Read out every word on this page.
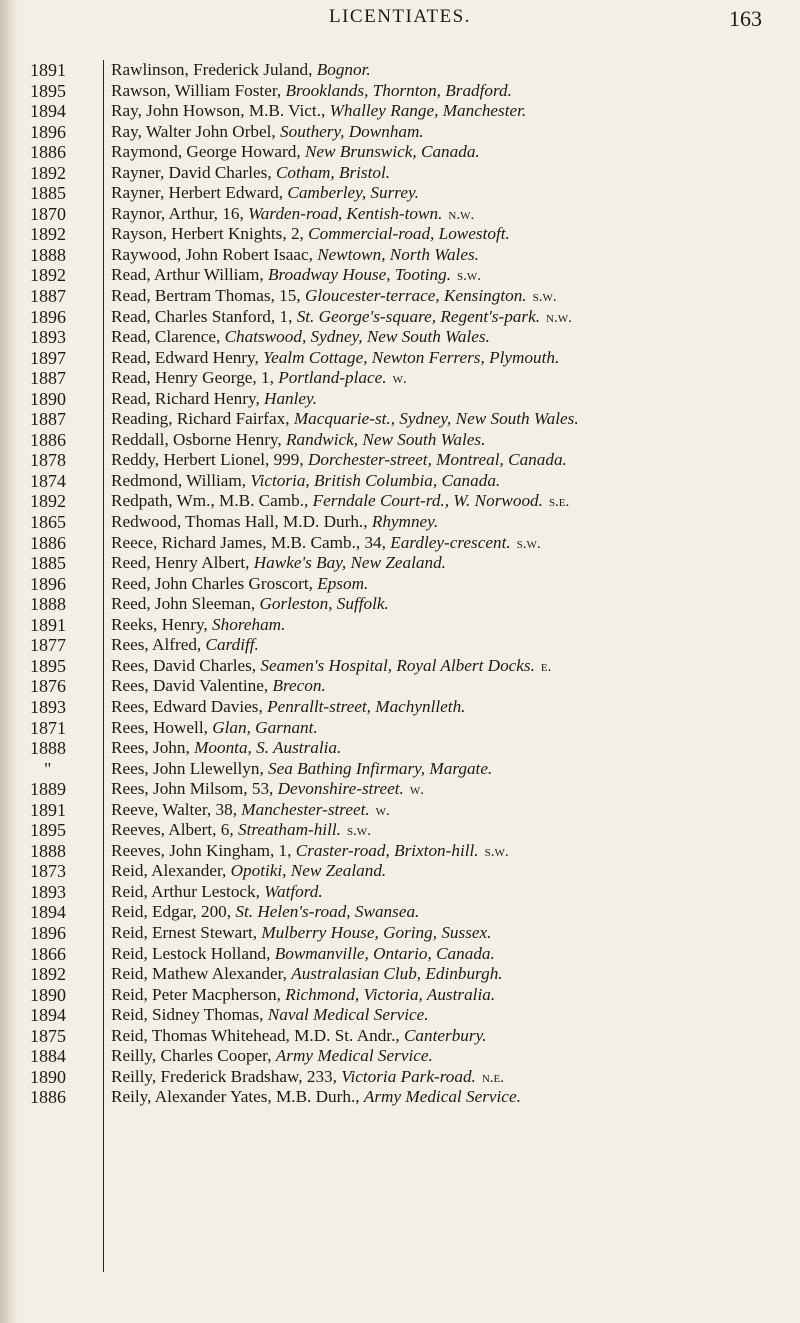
LICENTIATES.	163
1891	Rawlinson, Frederick Juland, Bognor.
1895	Rawson, William Foster, Brooklands, Thornton, Bradford.
1894	Ray, John Howson, M.B. Vict., Whalley Range, Manchester.
1896	Ray, Walter John Orbel, Southery, Downham.
1886	Raymond, George Howard, New Brunswick, Canada.
1892	Rayner, David Charles, Cotham, Bristol.
1885	Rayner, Herbert Edward, Camberley, Surrey.
1870	Raynor, Arthur, 16, Warden-road, Kentish-town. n.w.
1892	Rayson, Herbert Knights, 2, Commercial-road, Lowestoft.
1888	Raywood, John Robert Isaac, Newtown, North Wales.
1892	Read, Arthur William, Broadway House, Tooting. s.w.
1887	Read, Bertram Thomas, 15, Gloucester-terrace, Kensington. s.w.
1896	Read, Charles Stanford, 1, St. George's-square, Regent's-park. n.w.
1893	Read, Clarence, Chatswood, Sydney, New South Wales.
1897	Read, Edward Henry, Yealm Cottage, Newton Ferrers, Plymouth.
1887	Read, Henry George, 1, Portland-place. w.
1890	Read, Richard Henry, Hanley.
1887	Reading, Richard Fairfax, Macquarie-st., Sydney, New South Wales.
1886	Reddall, Osborne Henry, Randwick, New South Wales.
1878	Reddy, Herbert Lionel, 999, Dorchester-street, Montreal, Canada.
1874	Redmond, William, Victoria, British Columbia, Canada.
1892	Redpath, Wm., M.B. Camb., Ferndale Court-rd., W. Norwood. s.e.
1865	Redwood, Thomas Hall, M.D. Durh., Rhymney.
1886	Reece, Richard James, M.B. Camb., 34, Eardley-crescent. s.w.
1885	Reed, Henry Albert, Hawke's Bay, New Zealand.
1896	Reed, John Charles Groscort, Epsom.
1888	Reed, John Sleeman, Gorleston, Suffolk.
1891	Reeks, Henry, Shoreham.
1877	Rees, Alfred, Cardiff.
1895	Rees, David Charles, Seamen's Hospital, Royal Albert Docks. e.
1876	Rees, David Valentine, Brecon.
1893	Rees, Edward Davies, Penrallt-street, Machynlleth.
1871	Rees, Howell, Glan, Garnant.
1888	Rees, John, Moonta, S. Australia.
"	Rees, John Llewellyn, Sea Bathing Infirmary, Margate.
1889	Rees, John Milsom, 53, Devonshire-street. w.
1891	Reeve, Walter, 38, Manchester-street. w.
1895	Reeves, Albert, 6, Streatham-hill. s.w.
1888	Reeves, John Kingham, 1, Craster-road, Brixton-hill. s.w.
1873	Reid, Alexander, Opotiki, New Zealand.
1893	Reid, Arthur Lestock, Watford.
1894	Reid, Edgar, 200, St. Helen's-road, Swansea.
1896	Reid, Ernest Stewart, Mulberry House, Goring, Sussex.
1866	Reid, Lestock Holland, Bowmanville, Ontario, Canada.
1892	Reid, Mathew Alexander, Australasian Club, Edinburgh.
1890	Reid, Peter Macpherson, Richmond, Victoria, Australia.
1894	Reid, Sidney Thomas, Naval Medical Service.
1875	Reid, Thomas Whitehead, M.D. St. Andr., Canterbury.
1884	Reilly, Charles Cooper, Army Medical Service.
1890	Reilly, Frederick Bradshaw, 233, Victoria Park-road. n.e.
1886	Reily, Alexander Yates, M.B. Durh., Army Medical Service.
